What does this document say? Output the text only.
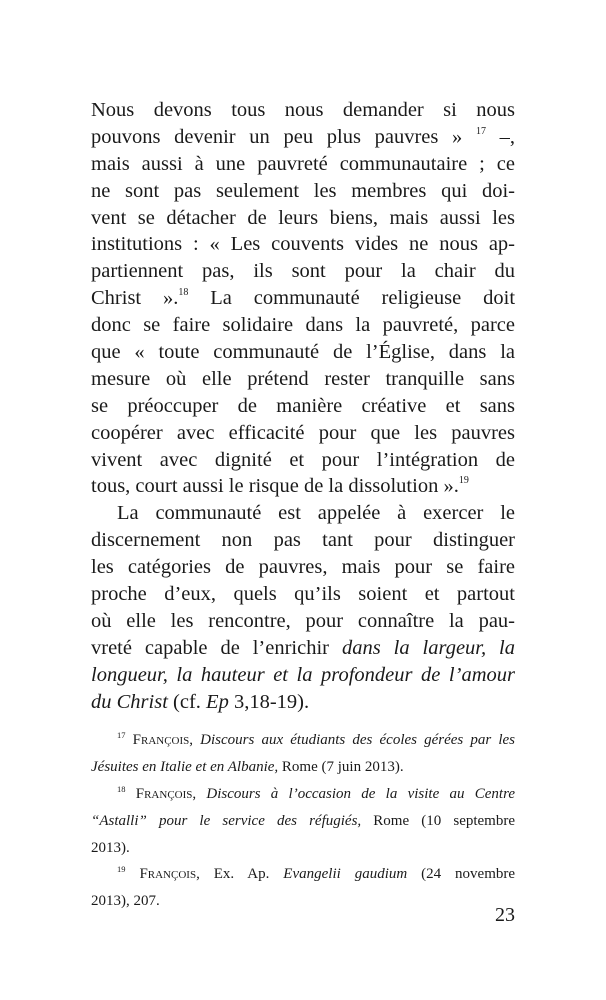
Nous devons tous nous demander si nous
pouvons devenir un peu plus pauvres » $^{17}$ –,
mais aussi à une pauvreté communautaire ; ce
ne sont pas seulement les membres qui doi-
vent se détacher de leurs biens, mais aussi les
institutions : « Les couvents vides ne nous ap-
partiennent pas, ils sont pour la chair du
Christ ».$^{18}$ La communauté religieuse doit
donc se faire solidaire dans la pauvreté, parce
que « toute communauté de l’Église, dans la
mesure où elle prétend rester tranquille sans
se préoccuper de manière créative et sans
coopérer avec efficacité pour que les pauvres
vivent avec dignité et pour l’intégration de
tous, court aussi le risque de la dissolution ».$^{19}$
La communauté est appelée à exercer le
discernement non pas tant pour distinguer
les catégories de pauvres, mais pour se faire
proche d’eux, quels qu’ils soient et partout
où elle les rencontre, pour connaître la pau-
vreté capable de l’enrichir dans la largeur, la
longueur, la hauteur et la profondeur de l’amour
du Christ (cf. Ep 3,18-19).
$^{17}$ François, Discours aux étudiants des écoles gérées par les
Jésuites en Italie et en Albanie, Rome (7 juin 2013).
$^{18}$ François, Discours à l’occasion de la visite au Centre
“Astalli” pour le service des réfugiés, Rome (10 septembre
2013).
$^{19}$ François, Ex. Ap. Evangelii gaudium (24 novembre
2013), 207.
23
